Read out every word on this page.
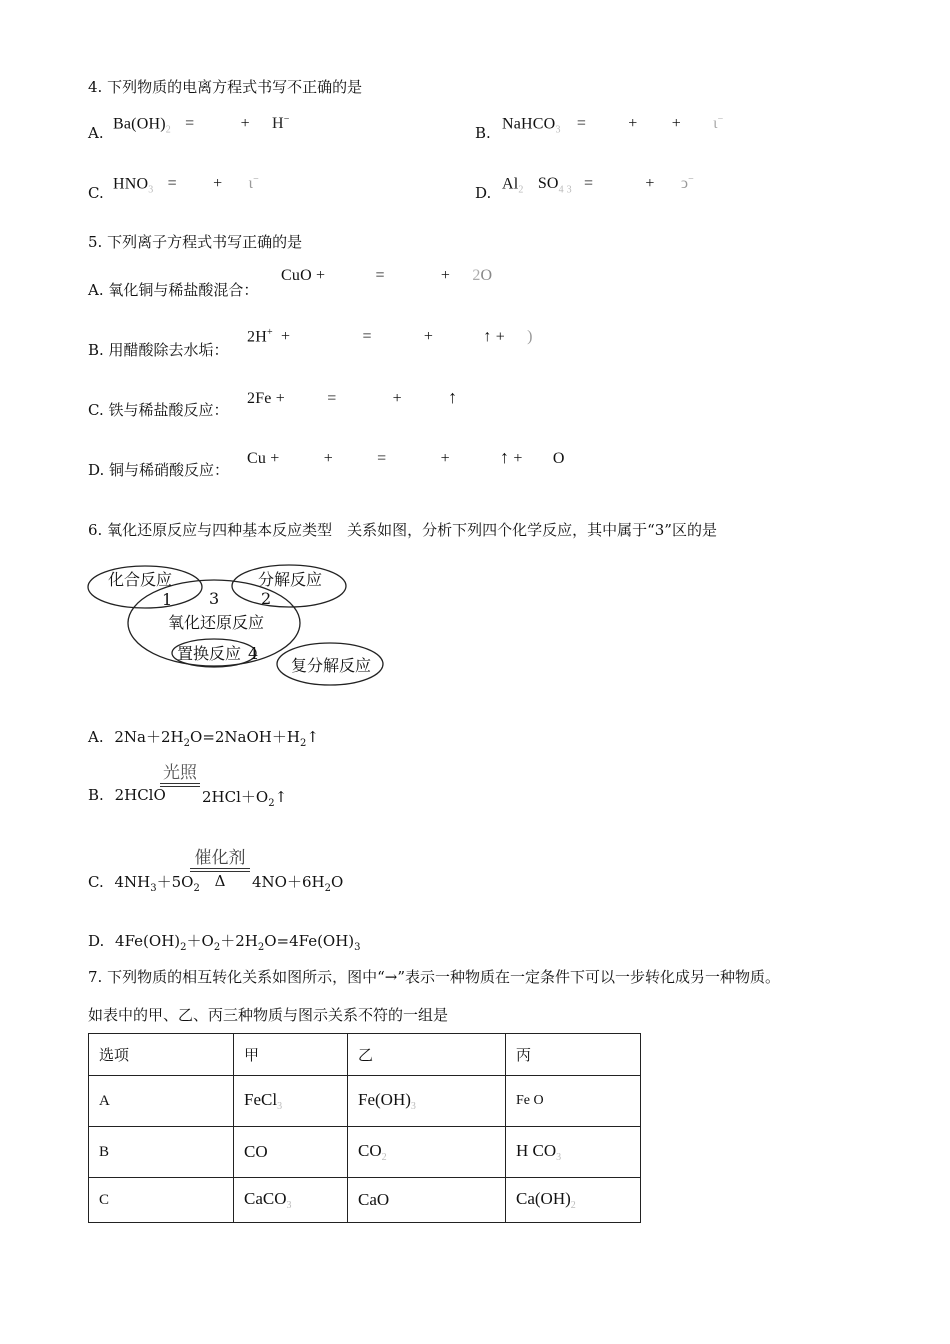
4. 下列物质的电离方程式书写不正确的是
A.
$Ba(OH)_2$ =	+ H−
B.
NaHCO$_3$ =	+ + ι−
C.
$HNO_3$ = + ι−
D.
$Al_2$ $SO_{4 3}$ =	+ ↄ−
5. 下列离子方程式书写正确的是
A. 氧化铜与稀盐酸混合：
CuO +	=	+ 2O
B. 用醋酸除去水垢：
2H+ +	=	+	↑ + )
C. 铁与稀盐酸反应：
2Fe +	=	+	↑
D. 铜与稀硝酸反应：
Cu +	+	=	+	↑ + O
6. 氧化还原反应与四种基本反应类型　关系如图，分析下列四个化学反应，其中属于“3”区的是
化合反应	分解反应
氧化还原反应
置换反应
复分解反应
1	2
3
4
A. $2Na+2H_2O=2NaOH+H_2↑$
B. 2HClO
光照
$2HCl+O_2↑$
C. $4NH_3+5O_2$
催化剂
Δ	$4NO+6H_2O$
D. $4Fe(OH)_2+O_2+2H_2O=4Fe(OH)_3$
7. 下列物质的相互转化关系如图所示，图中“→”表示一种物质在一定条件下可以一步转化成另一种物质。
如表中的甲、乙、丙三种物质与图示关系不符的一组是
选项	甲	乙	丙
A	FeCl$_3$	$Fe(OH)_3$	Fe O
B	CO	$CO_2$	H $CO_3$
C	CaCO$_3$	CaO	$Ca(OH)_2$
